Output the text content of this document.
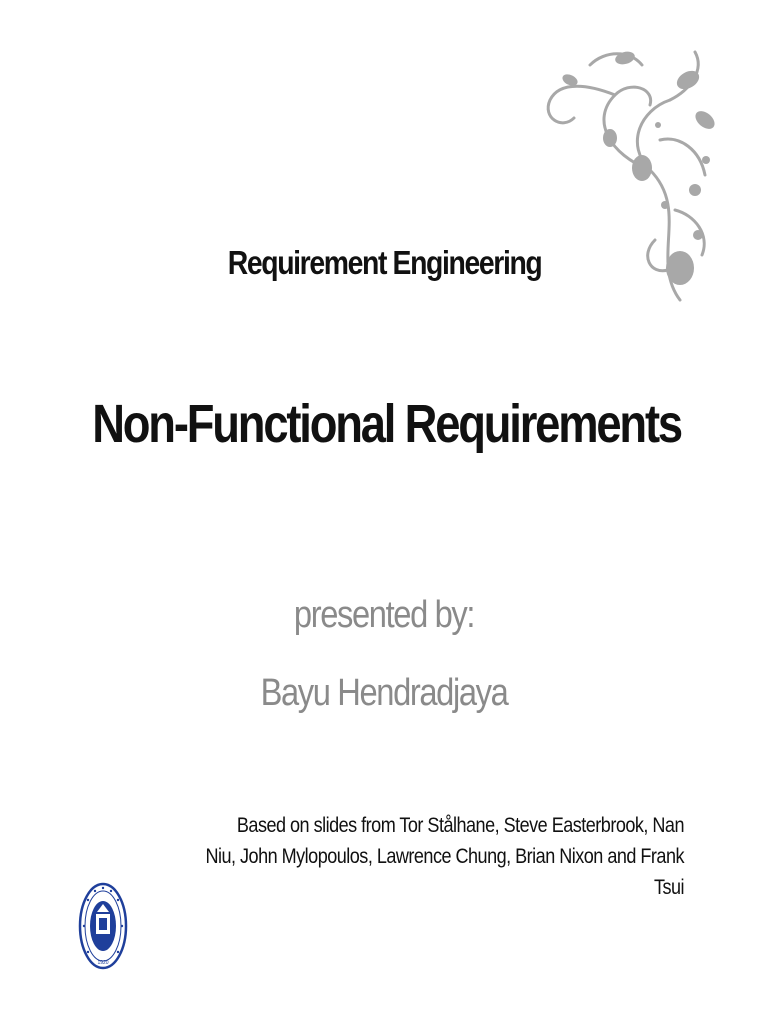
Requirement Engineering
Non-Functional Requirements
presented by:
Bayu Hendradjaya
Based on slides from Tor Stålhane, Steve Easterbrook, Nan Niu, John Mylopoulos, Lawrence Chung, Brian Nixon and Frank Tsui
1920
